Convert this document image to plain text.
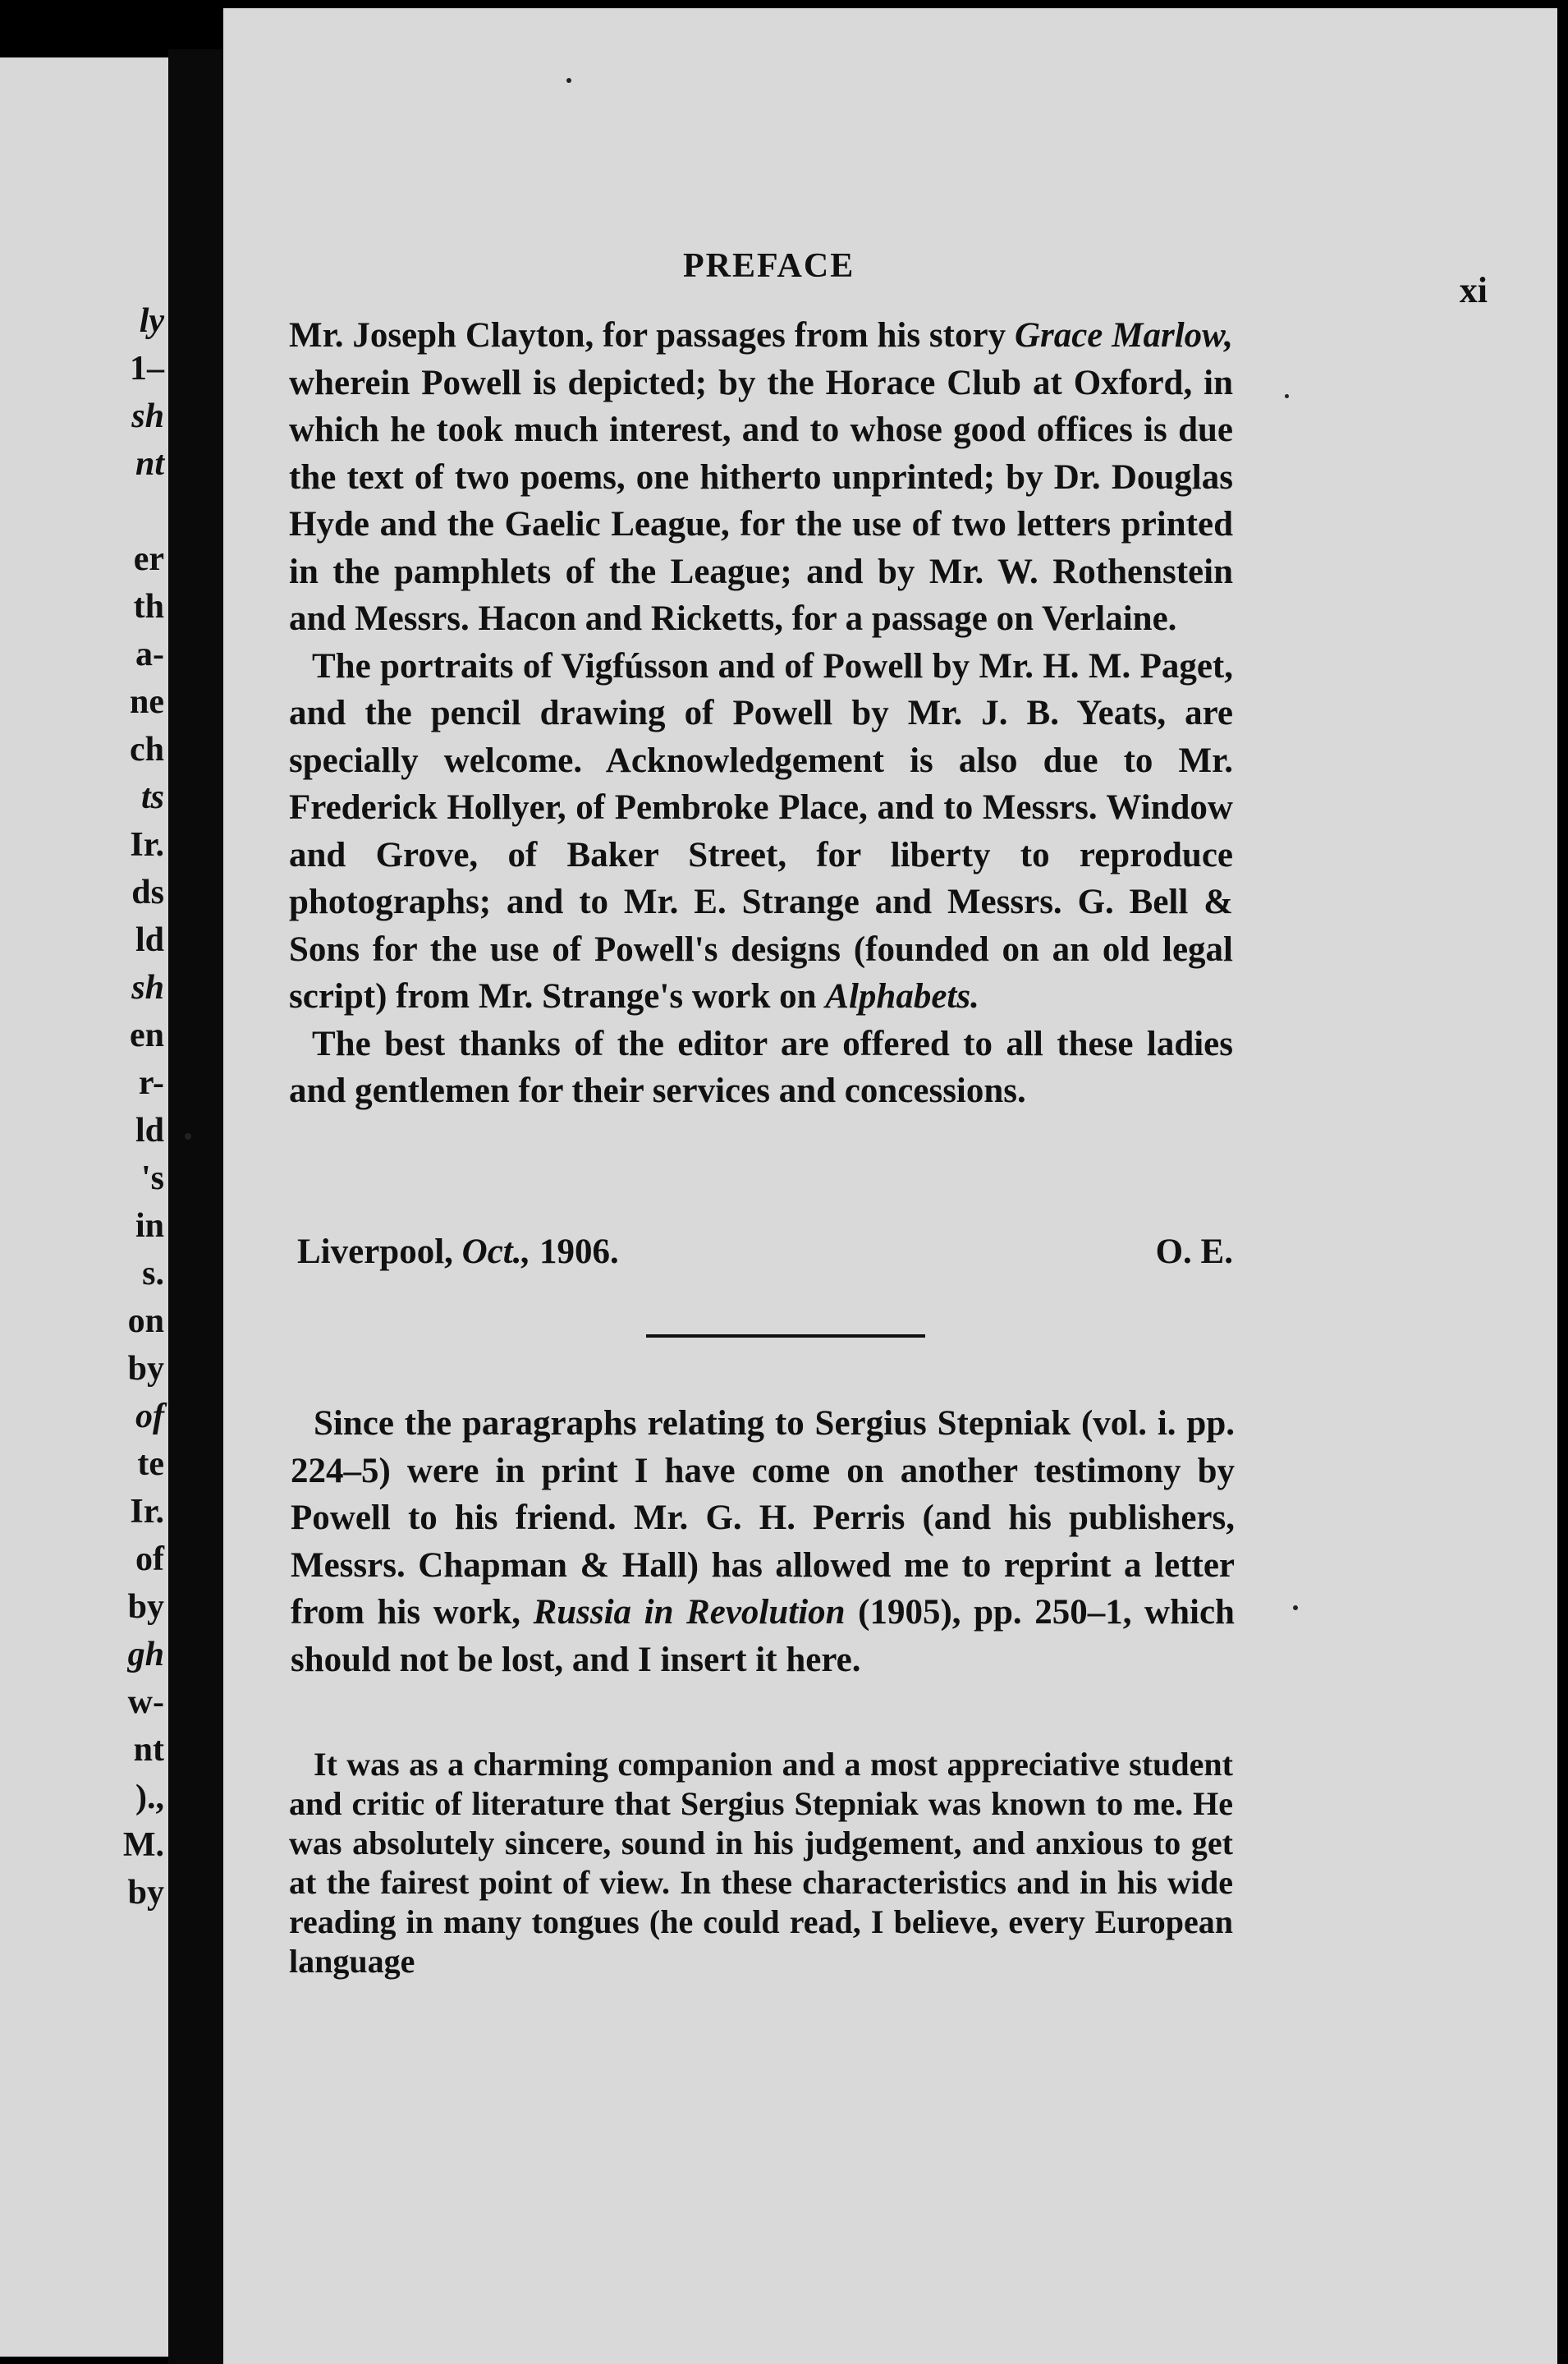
ly
1–
sh
nt
er
th
a-
ne
ch
ts
Ir.
ds
ld
sh
en
r-
ld
's
in
s.
on
by
of
te
Ir.
of
by
gh
w-
nt
).,
M.
by
PREFACE
xi

Mr. Joseph Clayton, for passages from his story Grace Marlow, wherein Powell is depicted; by the Horace Club at Oxford, in which he took much interest, and to whose good offices is due the text of two poems, one hitherto unprinted; by Dr. Douglas Hyde and the Gaelic League, for the use of two letters printed in the pamphlets of the League; and by Mr. W. Rothenstein and Messrs. Hacon and Ricketts, for a passage on Verlaine.

The portraits of Vigfússon and of Powell by Mr. H. M. Paget, and the pencil drawing of Powell by Mr. J. B. Yeats, are specially welcome. Acknowledgement is also due to Mr. Frederick Hollyer, of Pembroke Place, and to Messrs. Window and Grove, of Baker Street, for liberty to reproduce photographs; and to Mr. E. Strange and Messrs. G. Bell & Sons for the use of Powell's designs (founded on an old legal script) from Mr. Strange's work on Alphabets.

The best thanks of the editor are offered to all these ladies and gentlemen for their services and concessions.

Liverpool, Oct., 1906.	O. E.

Since the paragraphs relating to Sergius Stepniak (vol. i. pp. 224–5) were in print I have come on another testimony by Powell to his friend. Mr. G. H. Perris (and his publishers, Messrs. Chapman & Hall) has allowed me to reprint a letter from his work, Russia in Revolution (1905), pp. 250–1, which should not be lost, and I insert it here.

It was as a charming companion and a most appreciative student and critic of literature that Sergius Stepniak was known to me. He was absolutely sincere, sound in his judgement, and anxious to get at the fairest point of view. In these characteristics and in his wide reading in many tongues (he could read, I believe, every European language
